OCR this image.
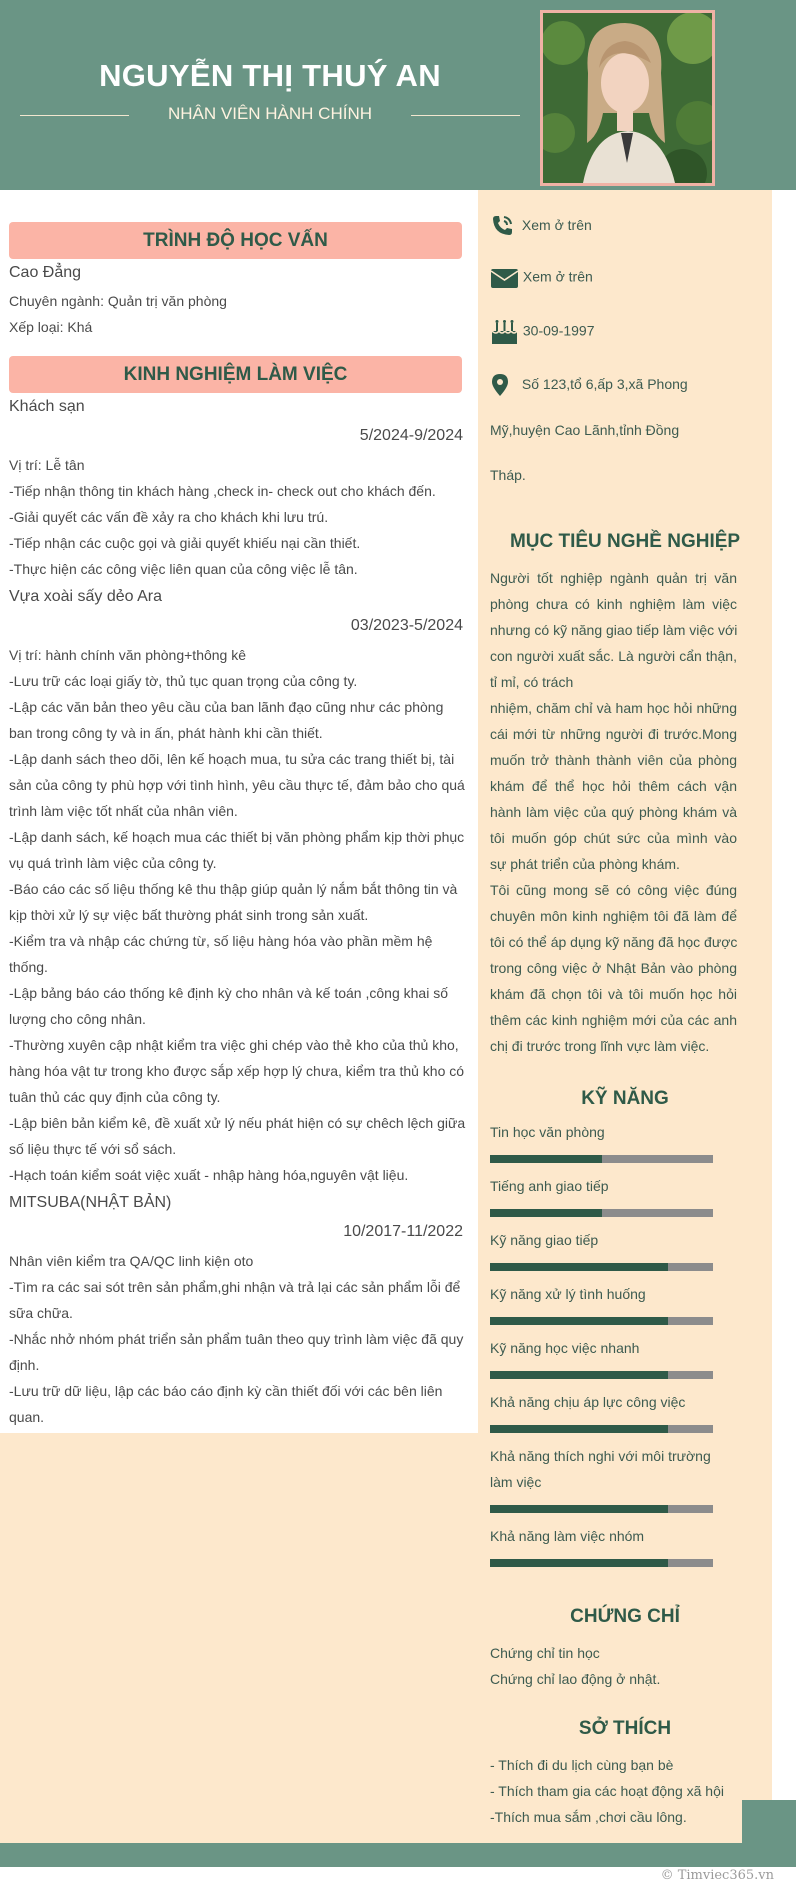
NGUYỄN THỊ THUÝ AN
NHÂN VIÊN HÀNH CHÍNH
© Timviec365.vn
TRÌNH ĐỘ HỌC VẤN
Cao Đẳng
Chuyên ngành: Quản trị văn phòng
Xếp loại: Khá
KINH NGHIỆM LÀM VIỆC
Khách sạn
5/2024-9/2024
Vị trí: Lễ tân
-Tiếp nhận thông tin khách hàng ,check in- check out cho khách đến.
-Giải quyết các vấn đề xảy ra cho khách khi lưu trú.
-Tiếp nhận các cuộc gọi và giải quyết khiếu nại cần thiết.
-Thực hiện các công việc liên quan của công việc lễ tân.
Vựa xoài sấy dẻo Ara
03/2023-5/2024
Vị trí: hành chính văn phòng+thông kê
-Lưu trữ các loại giấy tờ, thủ tục quan trọng của công ty.
-Lập các văn bản theo yêu cầu của ban lãnh đạo cũng như các phòng
ban trong công ty và in ấn, phát hành khi cần thiết.
-Lập danh sách theo dõi, lên kế hoạch mua, tu sửa các trang thiết bị, tài
sản của công ty phù hợp với tình hình, yêu cầu thực tế, đảm bảo cho quá
trình làm việc tốt nhất của nhân viên.
-Lập danh sách, kế hoạch mua các thiết bị văn phòng phẩm kịp thời phục
vụ quá trình làm việc của công ty.
-Báo cáo các số liệu thống kê thu thập giúp quản lý nắm bắt thông tin và
kịp thời xử lý sự việc bất thường phát sinh trong sản xuất.
-Kiểm tra và nhập các chứng từ, số liệu hàng hóa vào phần mềm hệ
thống.
-Lập bảng báo cáo thống kê định kỳ cho nhân và kế toán ,công khai số
lượng cho công nhân.
-Thường xuyên cập nhật kiểm tra việc ghi chép vào thẻ kho của thủ kho,
hàng hóa vật tư trong kho được sắp xếp hợp lý chưa, kiểm tra thủ kho có
tuân thủ các quy định của công ty.
-Lập biên bản kiểm kê, đề xuất xử lý nếu phát hiện có sự chêch lệch giữa
số liệu thực tế với sổ sách.
-Hạch toán kiểm soát việc xuất - nhập hàng hóa,nguyên vật liệu.
MITSUBA(NHẬT BẢN)
10/2017-11/2022
Nhân viên kiểm tra QA/QC linh kiện oto
-Tìm ra các sai sót trên sản phẩm,ghi nhận và trả lại các sản phẩm lỗi để
sữa chữa.
-Nhắc nhở nhóm phát triển sản phẩm tuân theo quy trình làm việc đã quy
định.
-Lưu trữ dữ liệu, lập các báo cáo định kỳ cần thiết đối với các bên liên
quan.
Xem ở trên
Xem ở trên
30-09-1997
Số 123,tổ 6,ấp 3,xã Phong
Mỹ,huyện Cao Lãnh,tỉnh Đồng
Tháp.
MỤC TIÊU NGHỀ NGHIỆP
Người tốt nghiệp ngành quản trị văn
phòng chưa có kinh nghiệm làm việc
nhưng có kỹ năng giao tiếp làm việc với
con người xuất sắc. Là người cẩn thận,
tỉ mỉ, có trách
nhiệm, chăm chỉ và ham học hỏi những
cái mới từ những người đi trước.Mong
muốn trở thành thành viên của phòng
khám để thể học hỏi thêm cách vận
hành làm việc của quý phòng khám và
tôi muốn góp chút sức của mình vào
sự phát triển của phòng khám.
Tôi cũng mong sẽ có công việc đúng
chuyên môn kinh nghiệm tôi đã làm để
tôi có thể áp dụng kỹ năng đã học được
trong công việc ở Nhật Bản vào phòng
khám đã chọn tôi và tôi muốn học hỏi
thêm các kinh nghiệm mới của các anh
chị đi trước trong lĩnh vực làm việc.
KỸ NĂNG
Tin học văn phòng
Tiếng anh giao tiếp
Kỹ năng giao tiếp
Kỹ năng xử lý tình huống
Kỹ năng học việc nhanh
Khả năng chịu áp lực công việc
Khả năng thích nghi với môi trường
làm việc
Khả năng làm việc nhóm
CHỨNG CHỈ
Chứng chỉ tin học
Chứng chỉ lao động ở nhật.
SỞ THÍCH
- Thích đi du lịch cùng bạn bè
- Thích tham gia các hoạt động xã hội
-Thích mua sắm ,chơi cầu lông.
